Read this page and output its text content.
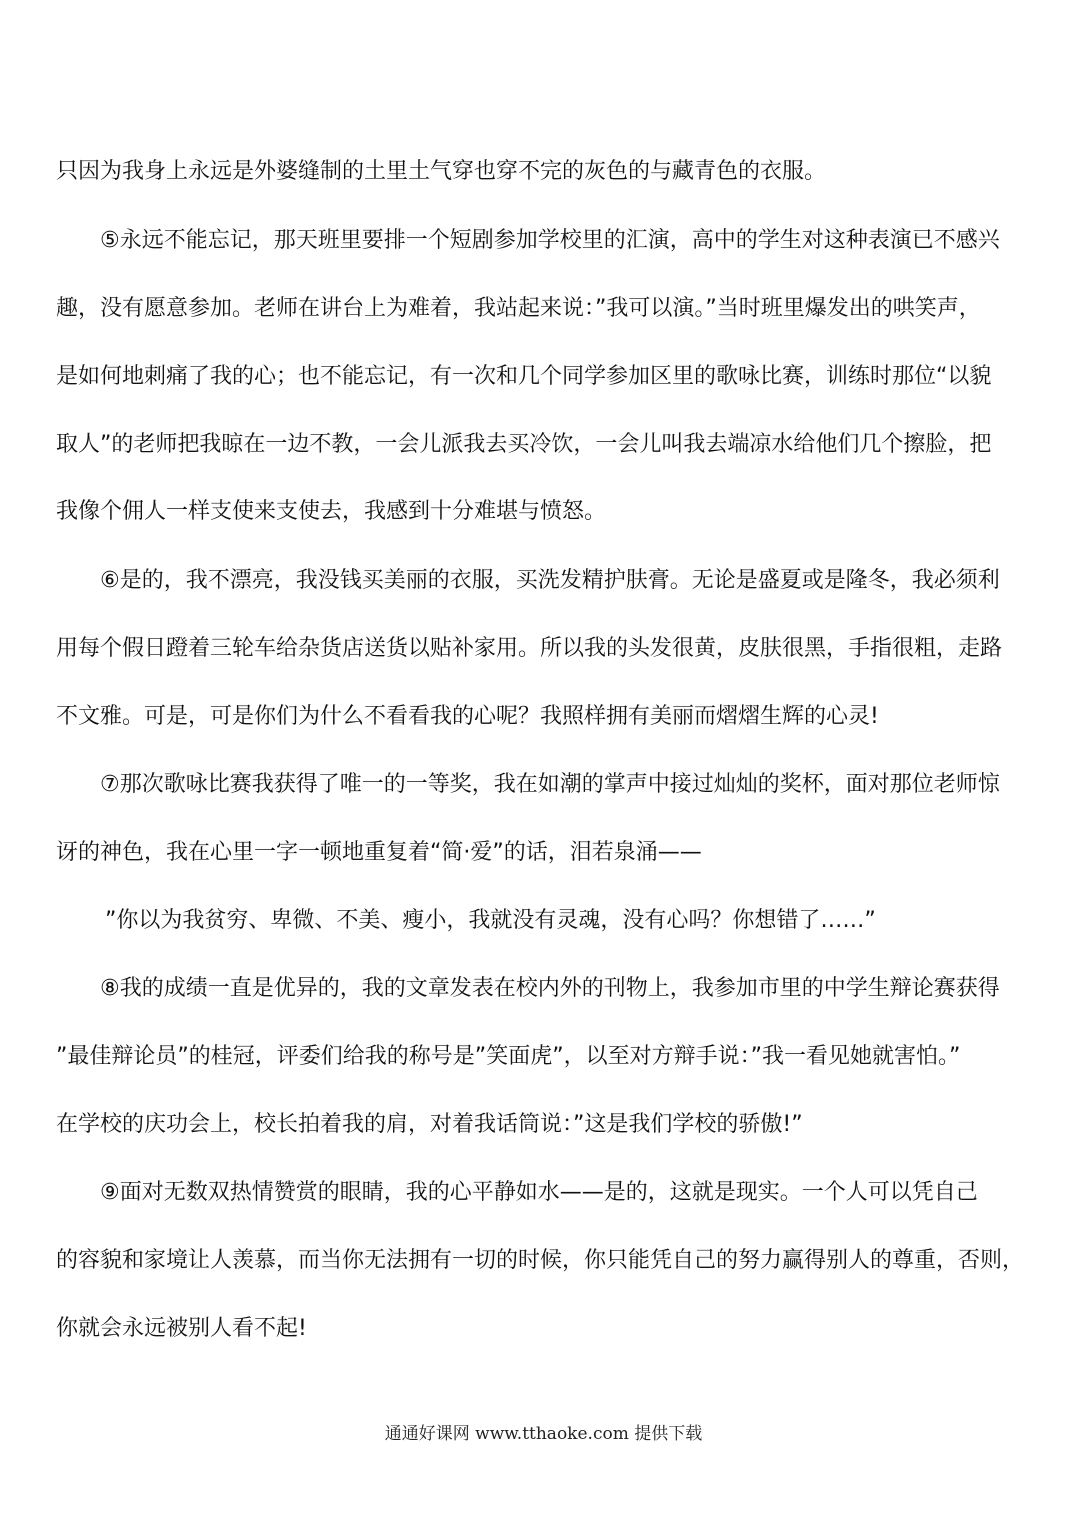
只因为我身上永远是外婆缝制的土里土气穿也穿不完的灰色的与藏青色的衣服。
⑤永远不能忘记，那天班里要排一个短剧参加学校里的汇演，高中的学生对这种表演已不感兴
趣，没有愿意参加。老师在讲台上为难着，我站起来说：”我可以演。”当时班里爆发出的哄笑声，
是如何地刺痛了我的心；也不能忘记，有一次和几个同学参加区里的歌咏比赛，训练时那位“以貌
取人”的老师把我晾在一边不教，一会儿派我去买冷饮，一会儿叫我去端凉水给他们几个擦脸，把
我像个佣人一样支使来支使去，我感到十分难堪与愤怒。
⑥是的，我不漂亮，我没钱买美丽的衣服，买洗发精护肤膏。无论是盛夏或是隆冬，我必须利
用每个假日蹬着三轮车给杂货店送货以贴补家用。所以我的头发很黄，皮肤很黑，手指很粗，走路
不文雅。可是，可是你们为什么不看看我的心呢？我照样拥有美丽而熠熠生辉的心灵!
⑦那次歌咏比赛我获得了唯一的一等奖，我在如潮的掌声中接过灿灿的奖杯，面对那位老师惊
讶的神色，我在心里一字一顿地重复着“简·爱”的话，泪若泉涌——
”你以为我贫穷、卑微、不美、瘦小，我就没有灵魂，没有心吗？你想错了……”
⑧我的成绩一直是优异的，我的文章发表在校内外的刊物上，我参加市里的中学生辩论赛获得
”最佳辩论员”的桂冠，评委们给我的称号是”笑面虎”，以至对方辩手说：”我一看见她就害怕。”
在学校的庆功会上，校长拍着我的肩，对着我话筒说：”这是我们学校的骄傲!”
⑨面对无数双热情赞赏的眼睛，我的心平静如水——是的，这就是现实。一个人可以凭自己
的容貌和家境让人羡慕，而当你无法拥有一切的时候，你只能凭自己的努力赢得别人的尊重，否则，
你就会永远被别人看不起!
通通好课网 www.tthaoke.com 提供下载
